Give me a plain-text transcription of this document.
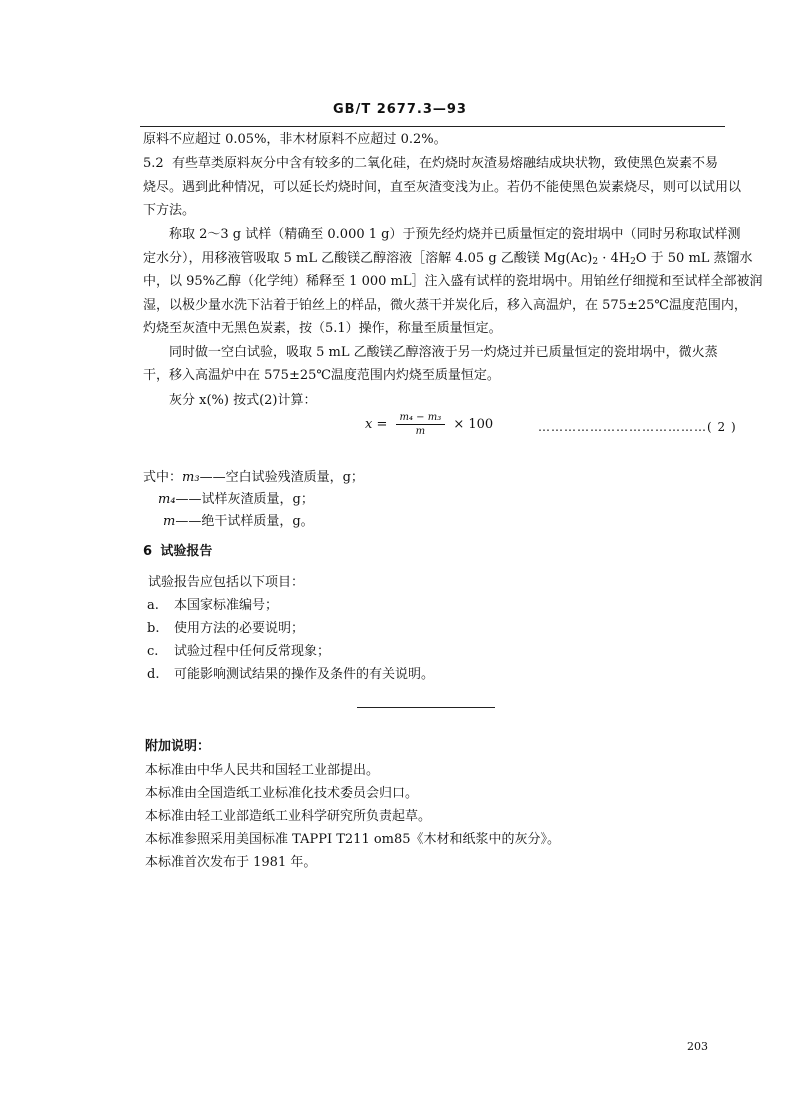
GB/T 2677.3—93
原料不应超过 0.05%，非木材原料不应超过 0.2%。
5.2 有些草类原料灰分中含有较多的二氧化硅，在灼烧时灰渣易熔融结成块状物，致使黑色炭素不易
烧尽。遇到此种情况，可以延长灼烧时间，直至灰渣变浅为止。若仍不能使黑色炭素烧尽，则可以试用以
下方法。
称取 2～3 g 试样（精确至 0.000 1 g）于预先经灼烧并已质量恒定的瓷坩埚中（同时另称取试样测
定水分），用移液管吸取 5 mL 乙酸镁乙醇溶液［溶解 4.05 g 乙酸镁 $Mg(Ac)_2 \cdot 4H_2O$ 于 50 mL 蒸馏水
中，以 95%乙醇（化学纯）稀释至 1 000 mL］注入盛有试样的瓷坩埚中。用铂丝仔细搅和至试样全部被润
湿，以极少量水洗下沾着于铂丝上的样品，微火蒸干并炭化后，移入高温炉，在 575±25℃温度范围内，
灼烧至灰渣中无黑色炭素，按（5.1）操作，称量至质量恒定。
同时做一空白试验，吸取 5 mL 乙酸镁乙醇溶液于另一灼烧过并已质量恒定的瓷坩埚中，微火蒸
干，移入高温炉中在 575±25℃温度范围内灼烧至质量恒定。
灰分 x(%) 按式(2)计算：
$x = \frac{\text{m₄ − m₃}}{m} \times 100$	…………………………………( 2 )
式中：m₃——空白试验残渣质量，g；
m₄——试样灰渣质量，g；
m——绝干试样质量，g。
6 试验报告
试验报告应包括以下项目：
a. 本国家标准编号；
b. 使用方法的必要说明；
c. 试验过程中任何反常现象；
d. 可能影响测试结果的操作及条件的有关说明。
附加说明：
本标准由中华人民共和国轻工业部提出。
本标准由全国造纸工业标准化技术委员会归口。
本标准由轻工业部造纸工业科学研究所负责起草。
本标准参照采用美国标准 TAPPI T211 om85《木材和纸浆中的灰分》。
本标准首次发布于 1981 年。
203
